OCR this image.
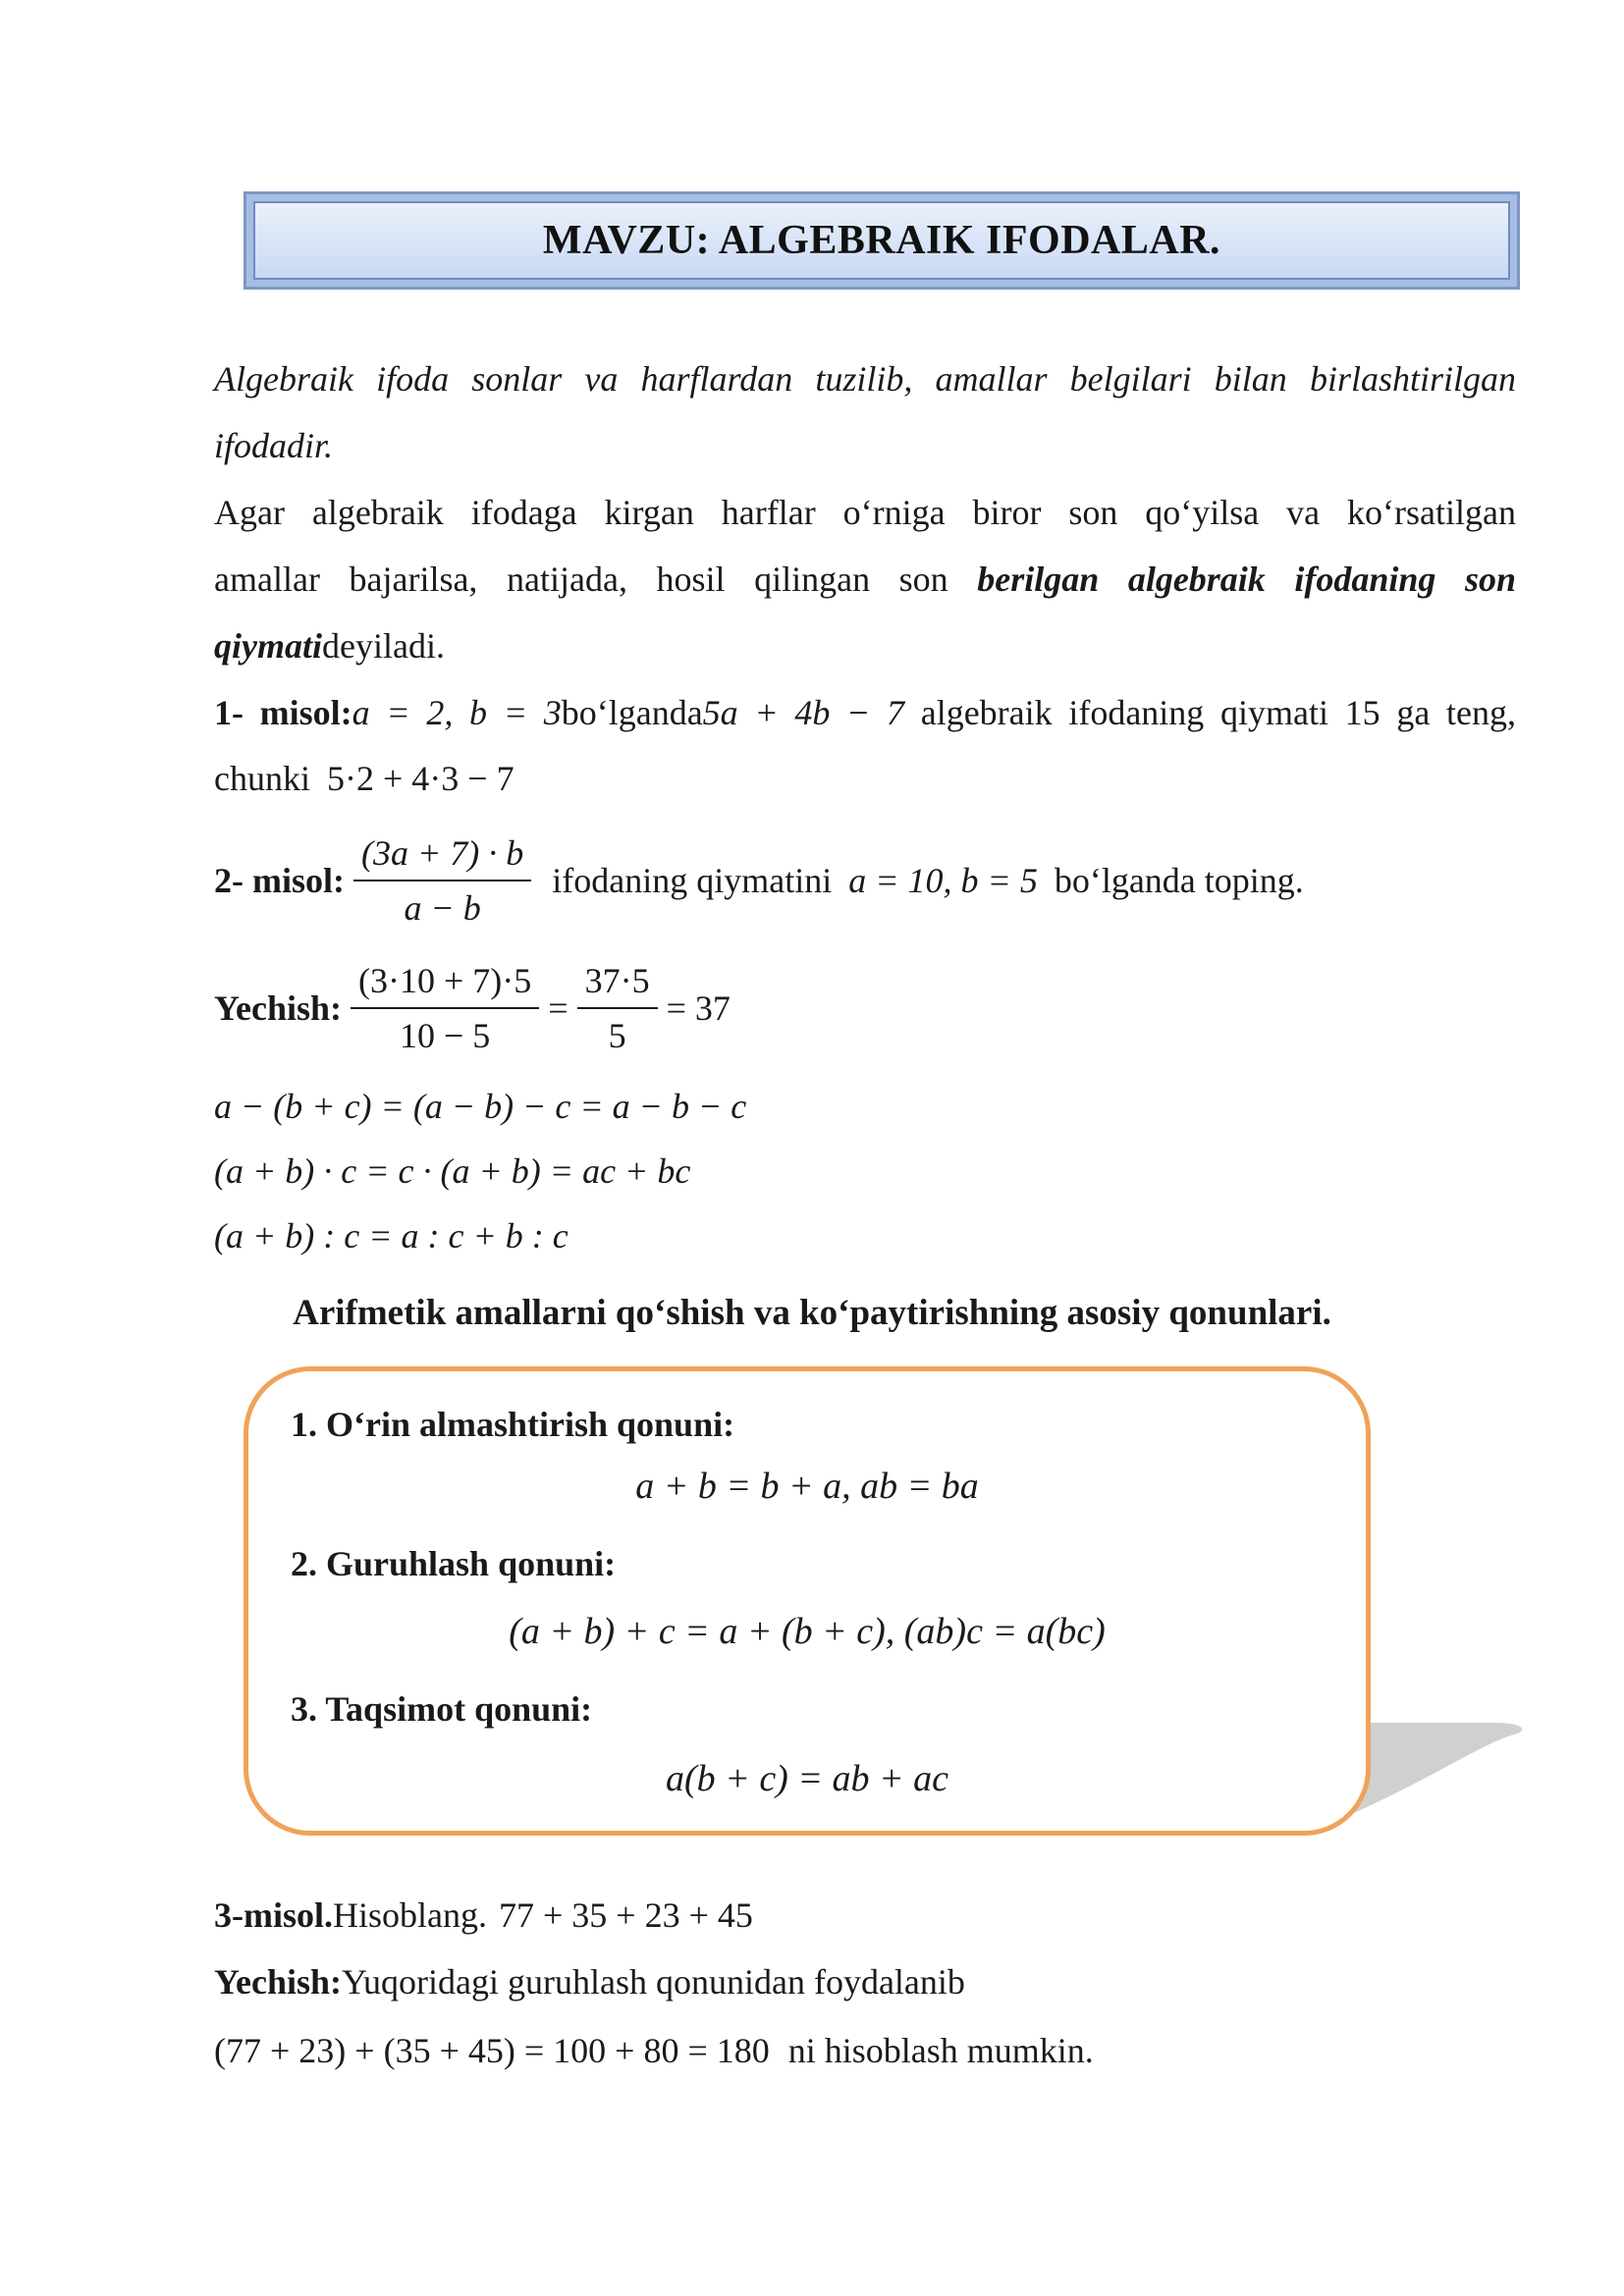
MAVZU: ALGEBRAIK IFODALAR.
Algebraik ifoda sonlar va harflardan tuzilib, amallar belgilari bilan birlashtirilgan
ifodadir.
Agar algebraik ifodaga kirgan harflar o‘rniga biror son qo‘yilsa va ko‘rsatilgan
amallar bajarilsa, natijada, hosil qilingan son berilgan algebraik ifodaning son
qiymatideyiladi.
1- misol:a = 2, b = 3bo‘lganda5a + 4b − 7 algebraik ifodaning qiymati 15 ga teng,
chunki 5·2 + 4·3 − 7
2- misol: $\frac{(3a + 7) \cdot b}{a - b}$ ifodaning qiymatini a = 10, b = 5 bo‘lganda toping.
Yechish: $\frac{(3\cdot 10 + 7)\cdot 5}{10 - 5} = \frac{37\cdot 5}{5} = 37$
a − (b + c) = (a − b) − c = a − b − c
(a + b) · c = c · (a + b) = ac + bc
(a + b) : c = a : c + b : c
Arifmetik amallarni qo‘shish va ko‘paytirishning asosiy qonunlari.
1. O‘rin almashtirish qonuni:
a + b = b + a, ab = ba
2. Guruhlash qonuni:
(a + b) + c = a + (b + c), (ab)c = a(bc)
3. Taqsimot qonuni:
a(b + c) = ab + ac
3-misol.Hisoblang. 77 + 35 + 23 + 45
Yechish:Yuqoridagi guruhlash qonunidan foydalanib
(77 + 23) + (35 + 45) = 100 + 80 = 180 ni hisoblash mumkin.
